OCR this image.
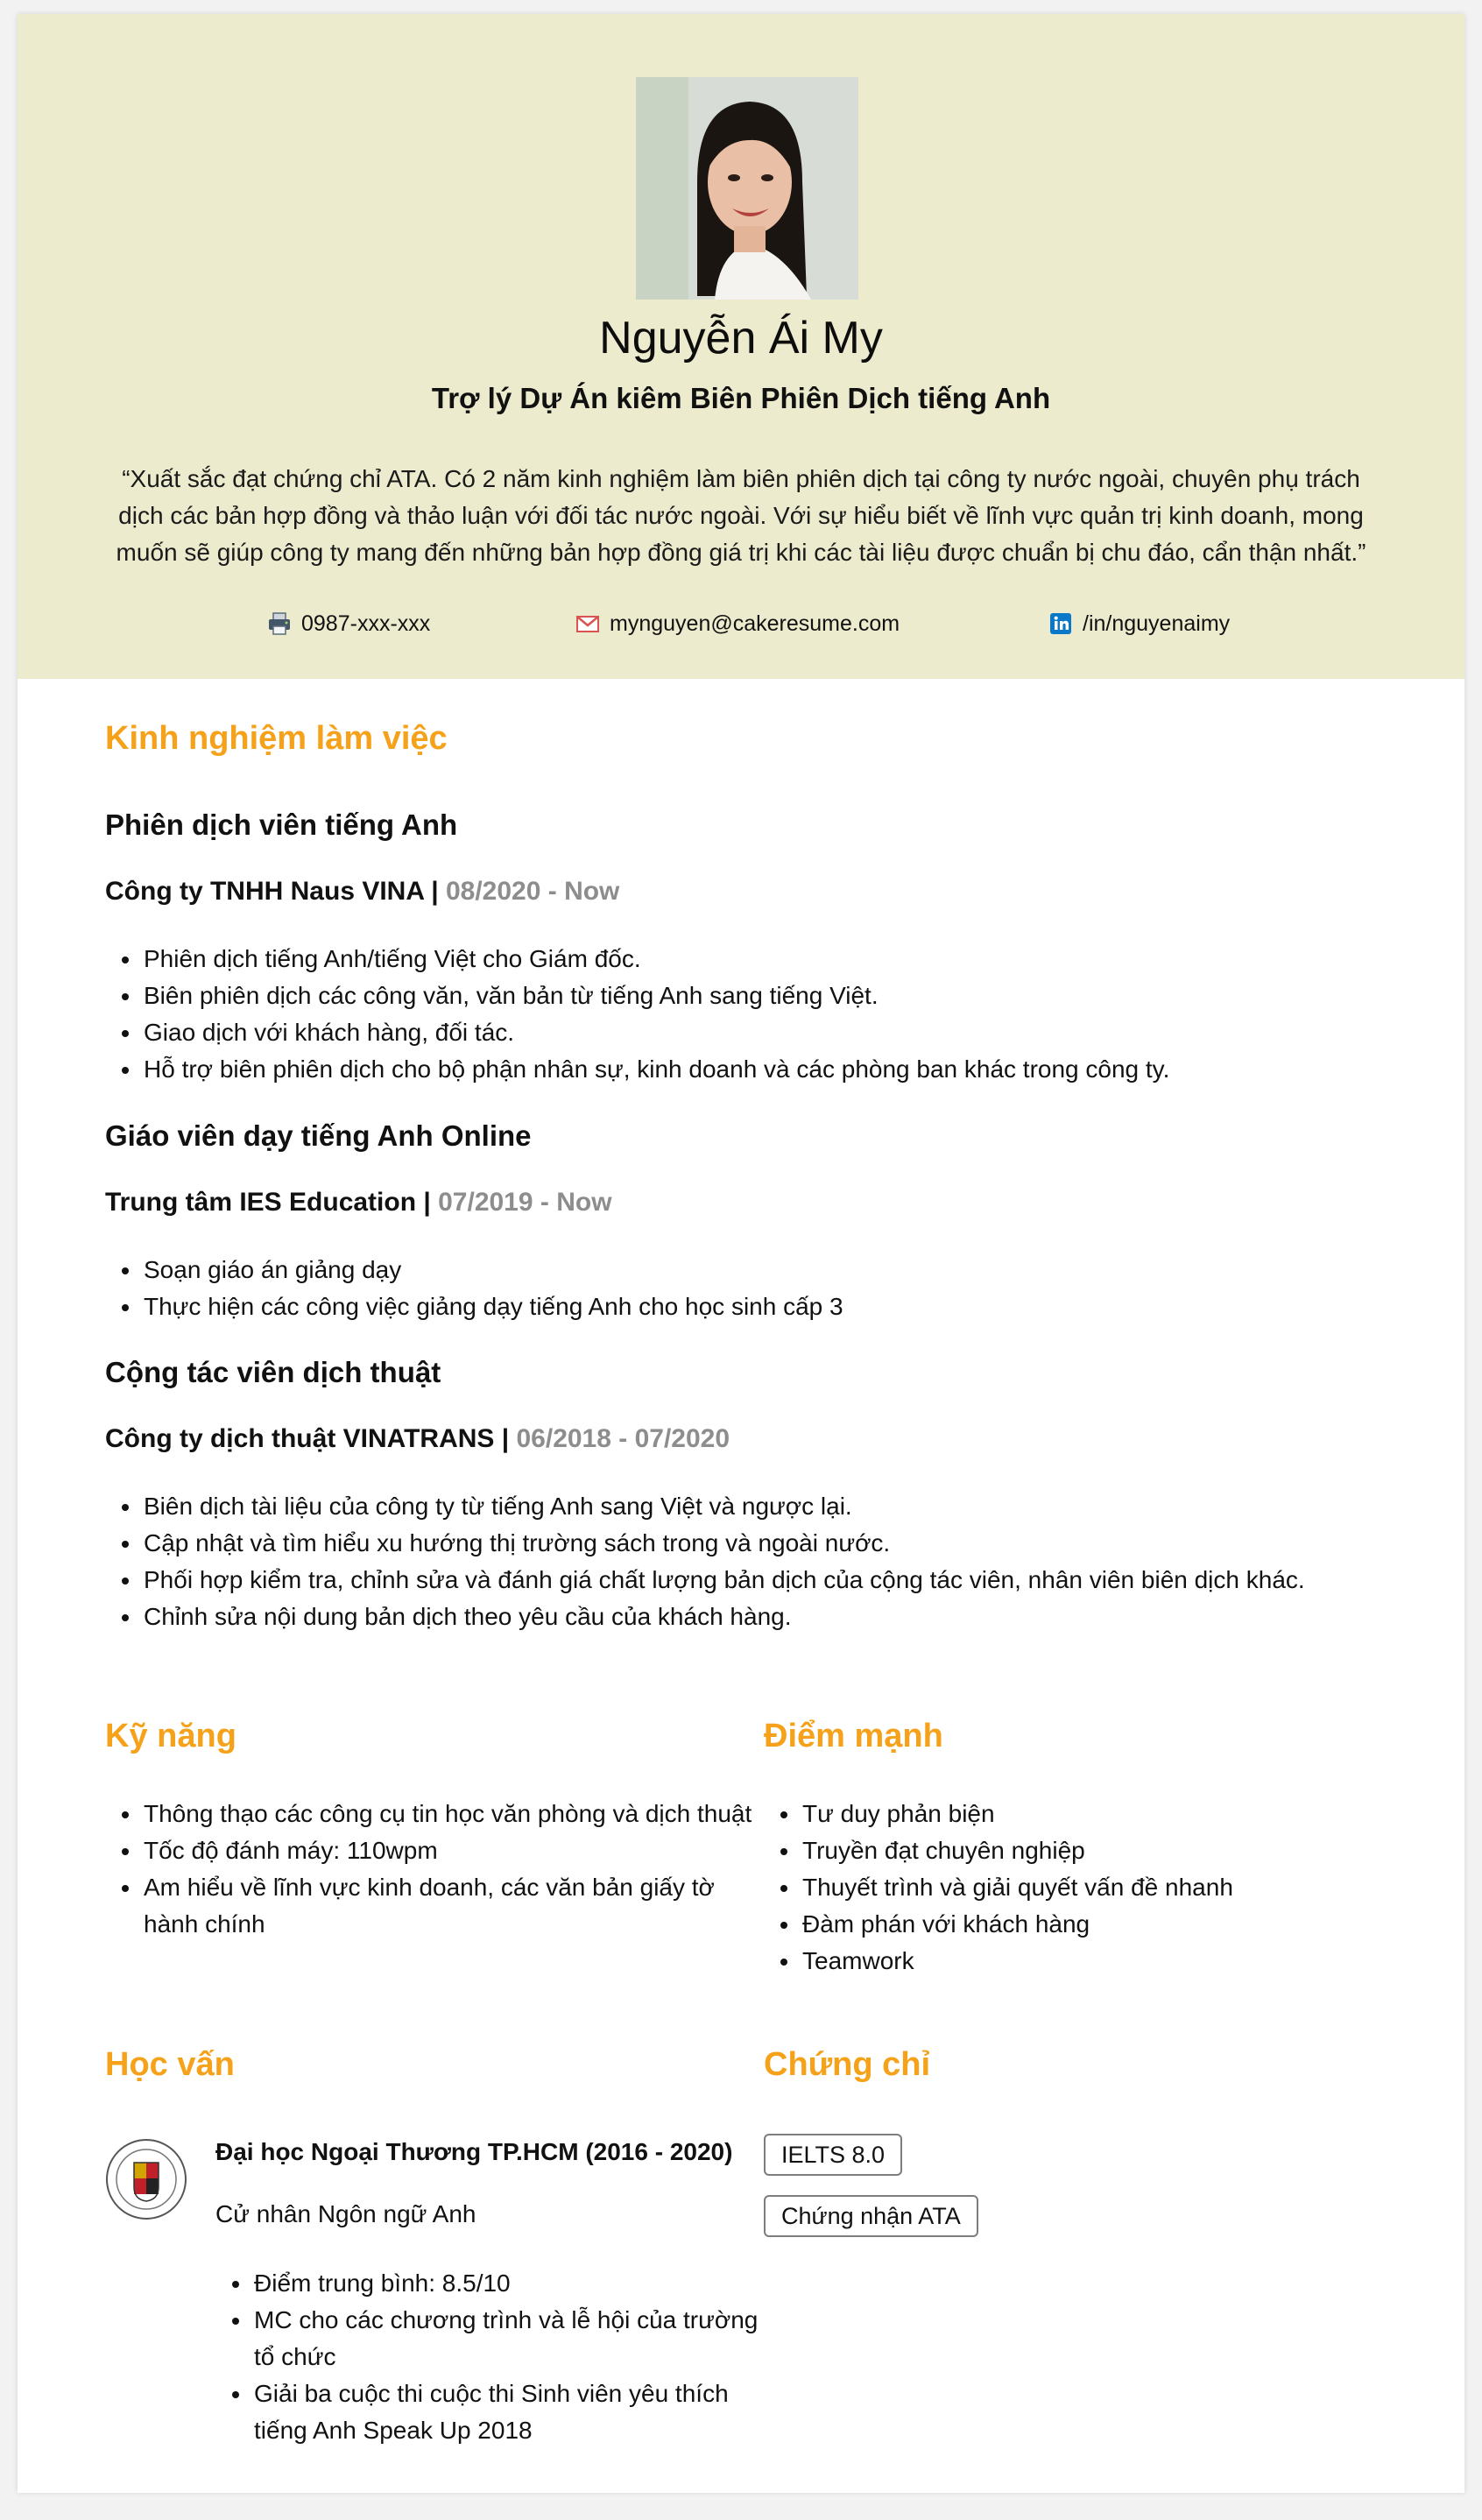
Nguyễn Ái My
Trợ lý Dự Án kiêm Biên Phiên Dịch tiếng Anh
“Xuất sắc đạt chứng chỉ ATA. Có 2 năm kinh nghiệm làm biên phiên dịch tại công ty nước ngoài, chuyên phụ trách dịch các bản hợp đồng và thảo luận với đối tác nước ngoài. Với sự hiểu biết về lĩnh vực quản trị kinh doanh, mong muốn sẽ giúp công ty mang đến những bản hợp đồng giá trị khi các tài liệu được chuẩn bị chu đáo, cẩn thận nhất.”
0987-xxx-xxx	mynguyen@cakeresume.com	/in/nguyenaimy
Kinh nghiệm làm việc
Phiên dịch viên tiếng Anh
Công ty TNHH Naus VINA | 08/2020 - Now
• Phiên dịch tiếng Anh/tiếng Việt cho Giám đốc.
• Biên phiên dịch các công văn, văn bản từ tiếng Anh sang tiếng Việt.
• Giao dịch với khách hàng, đối tác.
• Hỗ trợ biên phiên dịch cho bộ phận nhân sự, kinh doanh và các phòng ban khác trong công ty.
Giáo viên dạy tiếng Anh Online
Trung tâm IES Education | 07/2019 - Now
• Soạn giáo án giảng dạy
• Thực hiện các công việc giảng dạy tiếng Anh cho học sinh cấp 3
Cộng tác viên dịch thuật
Công ty dịch thuật VINATRANS | 06/2018 - 07/2020
• Biên dịch tài liệu của công ty từ tiếng Anh sang Việt và ngược lại.
• Cập nhật và tìm hiểu xu hướng thị trường sách trong và ngoài nước.
• Phối hợp kiểm tra, chỉnh sửa và đánh giá chất lượng bản dịch của cộng tác viên, nhân viên biên dịch khác.
• Chỉnh sửa nội dung bản dịch theo yêu cầu của khách hàng.
Kỹ năng
• Thông thạo các công cụ tin học văn phòng và dịch thuật
• Tốc độ đánh máy: 110wpm
• Am hiểu về lĩnh vực kinh doanh, các văn bản giấy tờ hành chính
Điểm mạnh
• Tư duy phản biện
• Truyền đạt chuyên nghiệp
• Thuyết trình và giải quyết vấn đề nhanh
• Đàm phán với khách hàng
• Teamwork
Học vấn
Đại học Ngoại Thương TP.HCM (2016 - 2020)
Cử nhân Ngôn ngữ Anh
• Điểm trung bình: 8.5/10
• MC cho các chương trình và lễ hội của trường tổ chức
• Giải ba cuộc thi cuộc thi Sinh viên yêu thích tiếng Anh Speak Up 2018
Chứng chỉ
IELTS 8.0
Chứng nhận ATA
